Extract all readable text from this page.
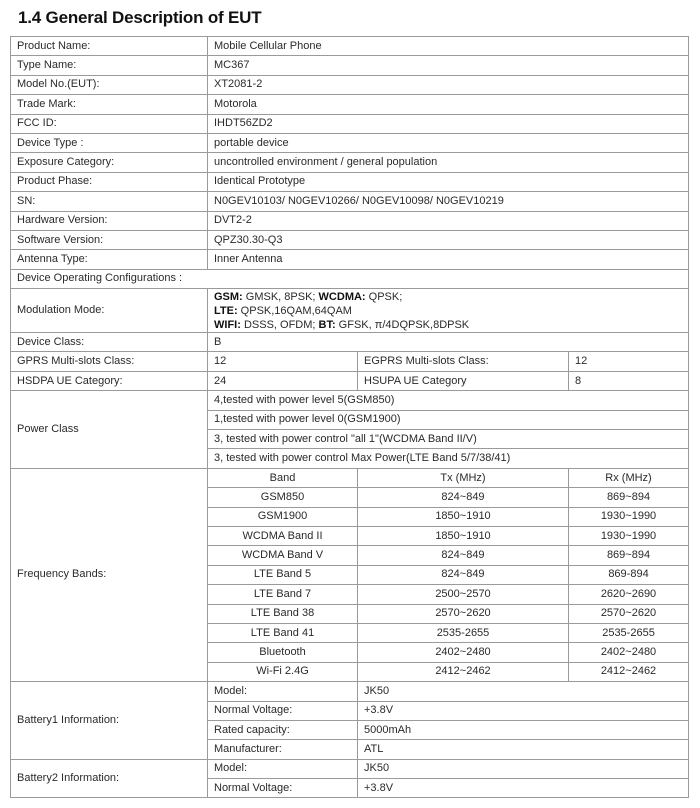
1.4 General Description of EUT
Product Name:	Mobile Cellular Phone		
Type Name:	MC367		
Model No.(EUT):	XT2081-2		
Trade Mark:	Motorola		
FCC ID:	IHDT56ZD2		
Device Type :	portable device		
Exposure Category:	uncontrolled environment / general population		
Product Phase:	Identical Prototype		
SN:	N0GEV10103/ N0GEV10266/ N0GEV10098/ N0GEV10219		
Hardware Version:	DVT2-2		
Software Version:	QPZ30.30-Q3		
Antenna Type:	Inner Antenna		
Device Operating Configurations :			
Modulation Mode:	GSM: GMSK, 8PSK; WCDMA: QPSK;
LTE: QPSK,16QAM,64QAM
WIFI: DSSS, OFDM; BT: GFSK, π/4DQPSK,8DPSK		

Device Class:	B		
GPRS Multi-slots Class:	12	EGPRS Multi-slots Class:	12
HSDPA UE Category:	24	HSUPA UE Category	8
Power Class	4,tested with power level 5(GSM850)		
	1,tested with power level 0(GSM1900)		
	3, tested with power control "all 1"(WCDMA Band II/V)		
	3, tested with power control Max Power(LTE Band 5/7/38/41)		
Frequency Bands:	Band	Tx (MHz)	Rx (MHz)
	GSM850	824~849	869~894
	GSM1900	1850~1910	1930~1990
	WCDMA Band II	1850~1910	1930~1990
	WCDMA Band V	824~849	869~894
	LTE Band 5	824~849	869-894
	LTE Band 7	2500~2570	2620~2690
	LTE Band 38	2570~2620	2570~2620
	LTE Band 41	2535-2655	2535-2655
	Bluetooth	2402~2480	2402~2480
	Wi-Fi 2.4G	2412~2462	2412~2462
Battery1 Information:	Model:	JK50	
	Normal Voltage:	+3.8V	
	Rated capacity:	5000mAh	
	Manufacturer:	ATL	
Battery2 Information:	Model:	JK50	
	Normal Voltage:	+3.8V	
